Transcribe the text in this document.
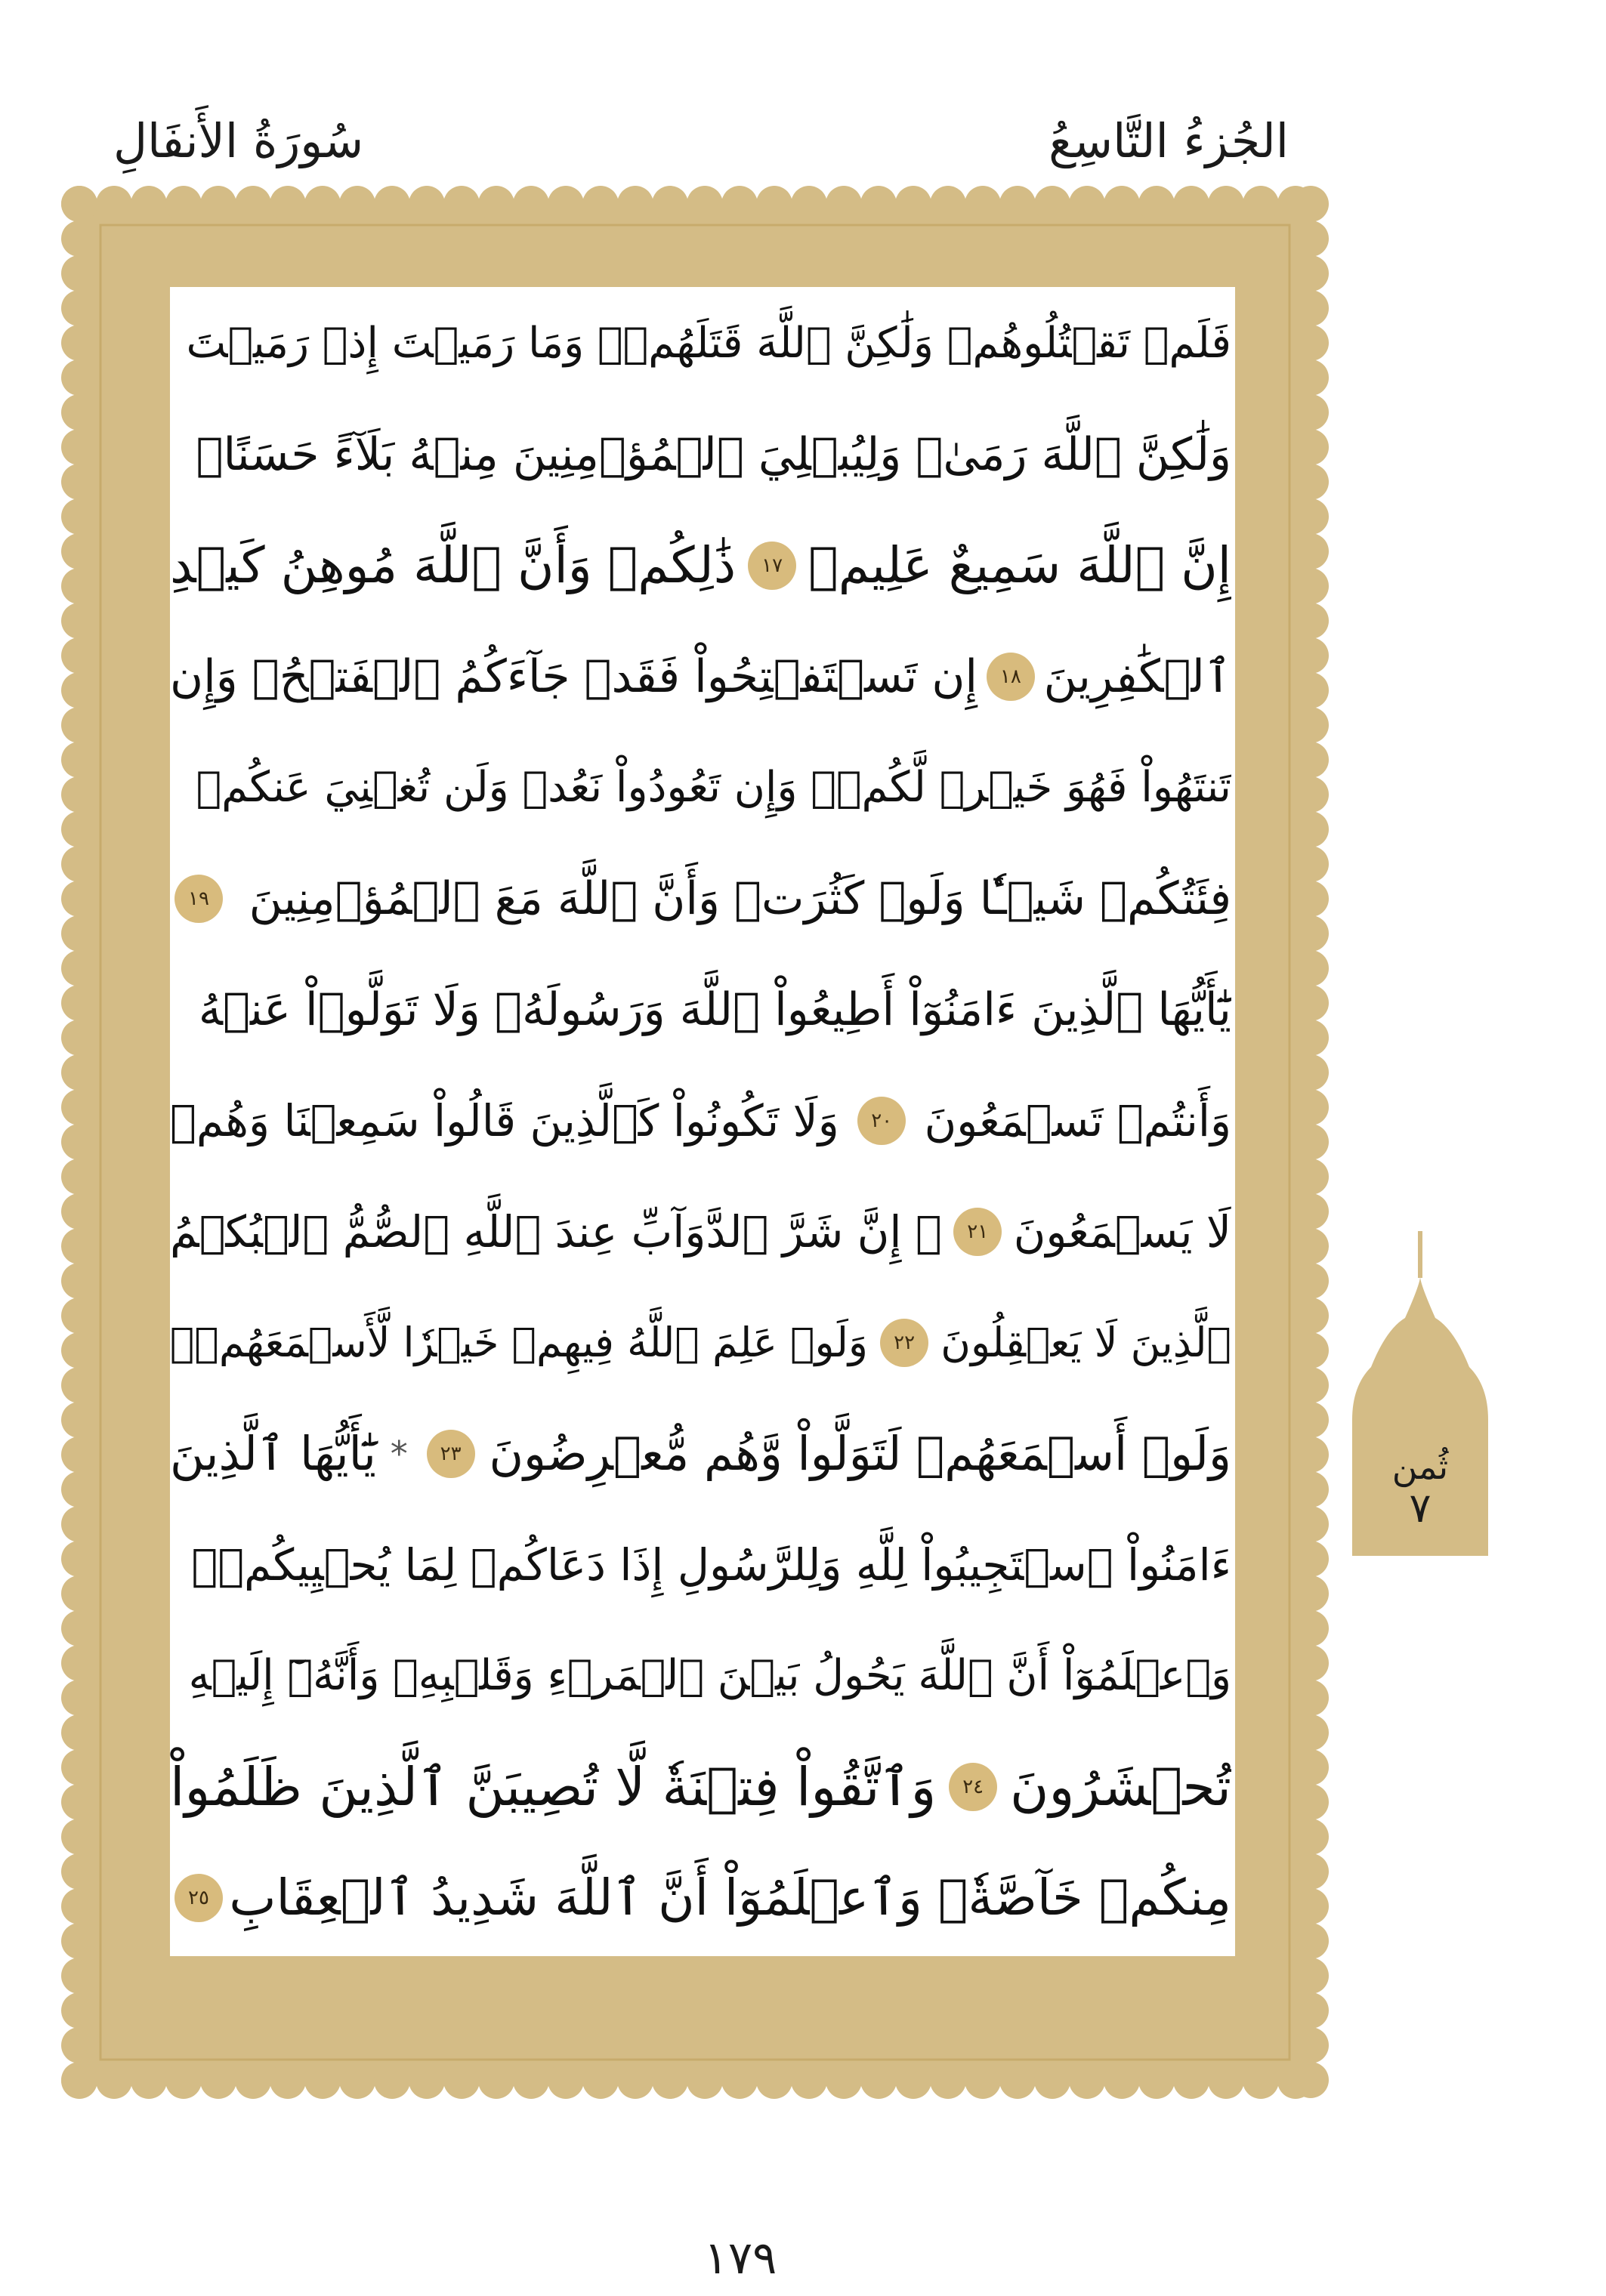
الجُزءُ التَّاسِعُ
سُورَةُ الأَنفَالِ
فَلَمۡ تَقۡتُلُوهُمۡ وَلَٰكِنَّ ٱللَّهَ قَتَلَهُمۡۚ وَمَا رَمَيۡتَ إِذۡ رَمَيۡتَ
وَلَٰكِنَّ ٱللَّهَ رَمَىٰۚ وَلِيُبۡلِيَ ٱلۡمُؤۡمِنِينَ مِنۡهُ بَلَآءً حَسَنًاۚ
إِنَّ ٱللَّهَ سَمِيعٌ عَلِيمٞ
١٧
ذَٰلِكُمۡ وَأَنَّ ٱللَّهَ مُوهِنُ كَيۡدِ
ٱلۡكَٰفِرِينَ
١٨
إِن تَسۡتَفۡتِحُواْ فَقَدۡ جَآءَكُمُ ٱلۡفَتۡحُۖ وَإِن
تَنتَهُواْ فَهُوَ خَيۡرٞ لَّكُمۡۖ وَإِن تَعُودُواْ نَعُدۡ وَلَن تُغۡنِيَ عَنكُمۡ
فِئَتُكُمۡ شَيۡـٔٗا وَلَوۡ كَثُرَتۡ وَأَنَّ ٱللَّهَ مَعَ ٱلۡمُؤۡمِنِينَ
١٩
يَٰٓأَيُّهَا ٱلَّذِينَ ءَامَنُوٓاْ أَطِيعُواْ ٱللَّهَ وَرَسُولَهُۥ وَلَا تَوَلَّوۡاْ عَنۡهُ
وَأَنتُمۡ تَسۡمَعُونَ
٢٠
وَلَا تَكُونُواْ كَٱلَّذِينَ قَالُواْ سَمِعۡنَا وَهُمۡ
لَا يَسۡمَعُونَ
٢١
۞ إِنَّ شَرَّ ٱلدَّوَآبِّ عِندَ ٱللَّهِ ٱلصُّمُّ ٱلۡبُكۡمُ
ٱلَّذِينَ لَا يَعۡقِلُونَ
٢٢
وَلَوۡ عَلِمَ ٱللَّهُ فِيهِمۡ خَيۡرٗا لَّأَسۡمَعَهُمۡۖ
وَلَوۡ أَسۡمَعَهُمۡ لَتَوَلَّواْ وَّهُم مُّعۡرِضُونَ
٢٣
*
يَٰٓأَيُّهَا ٱلَّذِينَ
ءَامَنُواْ ٱسۡتَجِيبُواْ لِلَّهِ وَلِلرَّسُولِ إِذَا دَعَاكُمۡ لِمَا يُحۡيِيكُمۡۖ
وَٱعۡلَمُوٓاْ أَنَّ ٱللَّهَ يَحُولُ بَيۡنَ ٱلۡمَرۡءِ وَقَلۡبِهِۦ وَأَنَّهُۥٓ إِلَيۡهِ
تُحۡشَرُونَ
٢٤
وَٱتَّقُواْ فِتۡنَةٗ لَّا تُصِيبَنَّ ٱلَّذِينَ ظَلَمُواْ
مِنكُمۡ خَآصَّةٗۖ وَٱعۡلَمُوٓاْ أَنَّ ٱللَّهَ شَدِيدُ ٱلۡعِقَابِ
٢٥
١٧٩
ثُمن
٧
